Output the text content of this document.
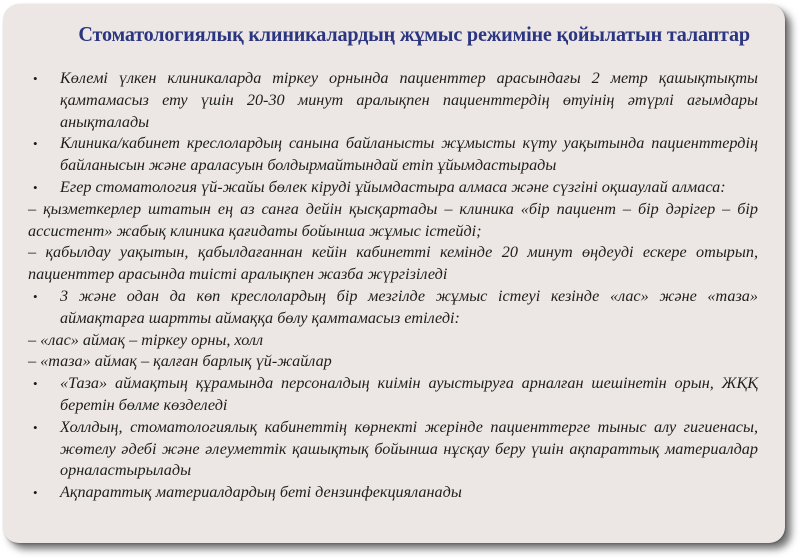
Стоматологиялық клиникалардың жұмыс режиміне қойылатын талаптар
• Көлемі үлкен клиникаларда тіркеу орнында пациенттер арасындағы 2 метр қашықтықты қамтамасыз ету үшін 20-30 минут аралықпен пациенттердің өтуінің әтүрлі ағымдары анықталады
• Клиника/кабинет креслолардың санына байланысты жұмысты күту уақытында пациенттердің байланысын және араласуын болдырмайтындай етіп ұйымдастырады
• Егер стоматология үй-жайы бөлек кіруді ұйымдастыра алмаса және сүзгіні оқшаулай алмаса:
– қызметкерлер штатын ең аз санға дейін қысқартады – клиника «бір пациент – бір дәрігер – бір ассистент» жабық клиника қағидаты бойынша жұмыс істейді;
– қабылдау уақытын, қабылдағаннан кейін кабинетті кемінде 20 минут өңдеуді ескере отырып, пациенттер арасында тиісті аралықпен жазба жүргізіледі
• 3 және одан да көп креслолардың бір мезгілде жұмыс істеуі кезінде «лас» және «таза» аймақтарға шартты аймаққа бөлу қамтамасыз етіледі:
– «лас» аймақ – тіркеу орны, холл
– «таза» аймақ – қалған барлық үй-жайлар
• «Таза» аймақтың құрамында персоналдың киімін ауыстыруға арналған шешінетін орын, ЖҚҚ беретін бөлме көзделеді
• Холлдың, стоматологиялық кабинеттің көрнекті жерінде пациенттерге тыныс алу гигиенасы, жөтелу әдебі және әлеуметтік қашықтық бойынша нұсқау беру үшін ақпараттық материалдар орналастырылады
• Ақпараттық материалдардың беті дензинфекцияланады
